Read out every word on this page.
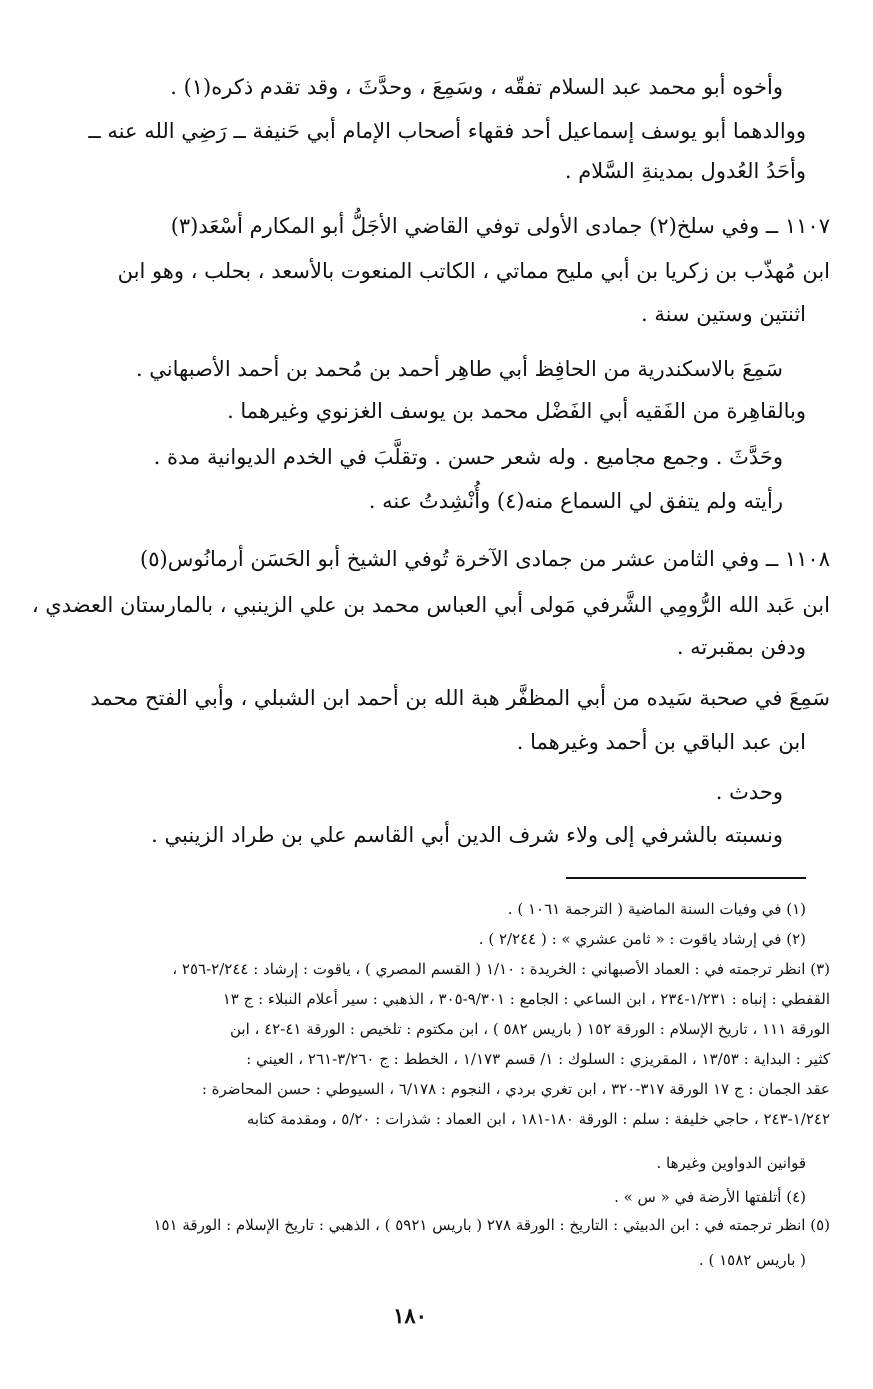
وأخوه أبو محمد عبد السلام تفقّه ، وسَمِعَ ، وحدَّثَ ، وقد تقدم ذكره(١) .
ووالدهما أبو يوسف إسماعيل أحد فقهاء أصحاب الإمام أبي حَنيفة ــ رَضِي الله عنه ــ
وأحَدُ العُدول بمدينةِ السَّلام .
١١٠٧ ــ وفي سلخ(٢) جمادى الأولى توفي القاضي الأجَلُّ أبو المكارم أسْعَد(٣)
ابن مُهذّب بن زكريا بن أبي مليح مماتي ، الكاتب المنعوت بالأسعد ، بحلب ، وهو ابن
اثنتين وستين سنة .
سَمِعَ بالاسكندرية من الحافِظ أبي طاهِر أحمد بن مُحمد بن أحمد الأصبهاني .
وبالقاهِرة من الفَقيه أبي الفَضْل محمد بن يوسف الغزنوي وغيرهما .
وحَدَّثَ . وجمع مجاميع . وله شعر حسن . وتقلَّبَ في الخدم الديوانية مدة .
رأيته ولم يتفق لي السماع منه(٤) وأُنْشِدتُ عنه .
١١٠٨ ــ وفي الثامن عشر من جمادى الآخرة تُوفي الشيخ أبو الحَسَن أرمانُوس(٥)
ابن عَبد الله الرُّومِي الشَّرفي مَولى أبي العباس محمد بن علي الزينبي ، بالمارستان العضدي ،
ودفن بمقبرته .
سَمِعَ في صحبة سَيده من أبي المظفَّر هبة الله بن أحمد ابن الشبلي ، وأبي الفتح محمد
ابن عبد الباقي بن أحمد وغيرهما .
وحدث .
ونسبته بالشرفي إلى ولاء شرف الدين أبي القاسم علي بن طراد الزينبي .
(١) في وفيات السنة الماضية ( الترجمة ١٠٦١ ) .
(٢) في إرشاد ياقوت : « ثامن عشري » : ( ٢/٢٤٤ ) .
(٣) انظر ترجمته في : العماد الأصبهاني : الخريدة : ١/١٠ ( القسم المصري ) ، ياقوت : إرشاد : ٢/٢٤٤-٢٥٦ ،
القفطي : إنباه : ١/٢٣١-٢٣٤ ، ابن الساعي : الجامع : ٩/٣٠١-٣٠٥ ، الذهبي : سير أعلام النبلاء : ج ١٣
الورقة ١١١ ، تاريخ الإسلام : الورقة ١٥٢ ( باريس ٥٨٢ ) ، ابن مكتوم : تلخيص : الورقة ٤١-٤٢ ، ابن
كثير : البداية : ١٣/٥٣ ، المقريزي : السلوك : ١/ قسم ١/١٧٣ ، الخطط : ج ٣/٢٦٠-٢٦١ ، العيني :
عقد الجمان : ج ١٧ الورقة ٣١٧-٣٢٠ ، ابن تغري بردي ، النجوم : ٦/١٧٨ ، السيوطي : حسن المحاضرة :
١/٢٤٢-٢٤٣ ، حاجي خليفة : سلم : الورقة ١٨٠-١٨١ ، ابن العماد : شذرات : ٥/٢٠ ، ومقدمة كتابه
قوانين الدواوين وغيرها .
(٤) أتلفتها الأرضة في « س » .
(٥) انظر ترجمته في : ابن الدبيثي : التاريخ : الورقة ٢٧٨ ( باريس ٥٩٢١ ) ، الذهبي : تاريخ الإسلام : الورقة ١٥١
( باريس ١٥٨٢ ) .
١٨٠
